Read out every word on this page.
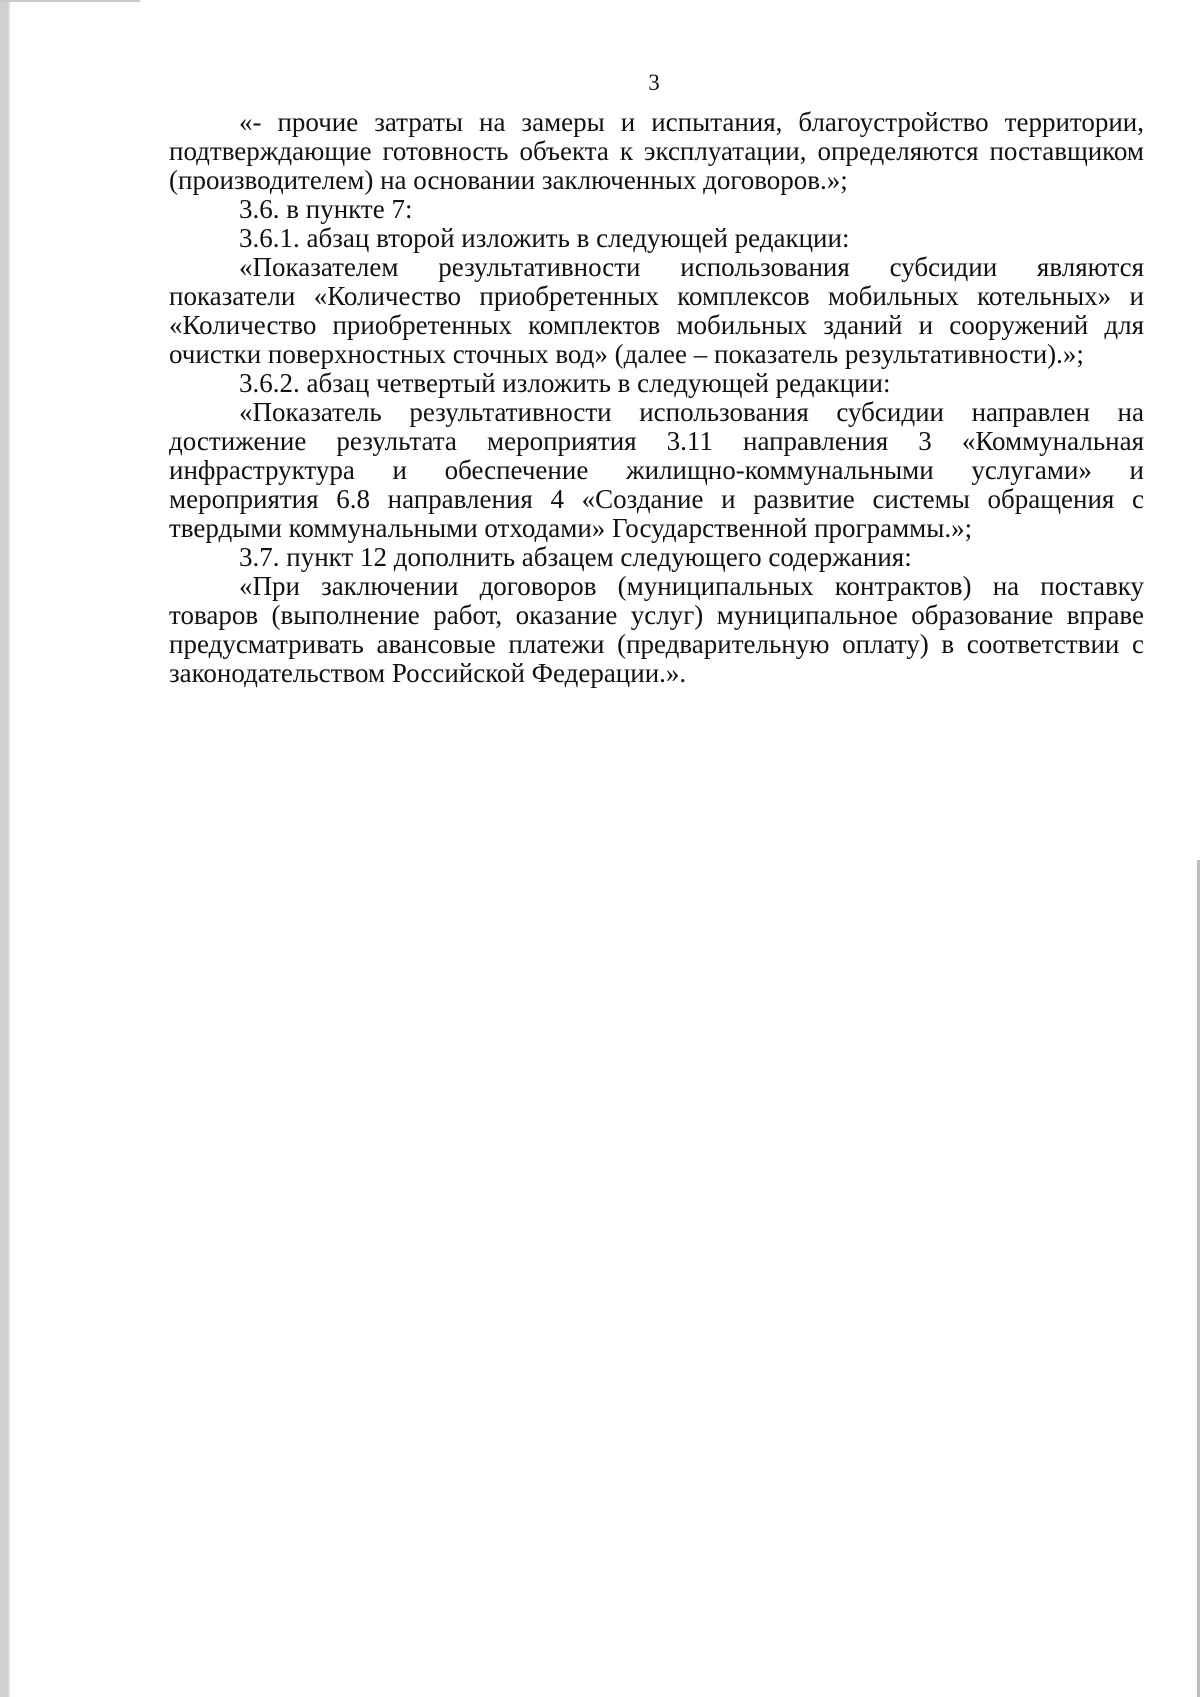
3

«- прочие затраты на замеры и испытания, благоустройство территории, подтверждающие готовность объекта к эксплуатации, определяются поставщиком (производителем) на основании заключенных договоров.»;

3.6. в пункте 7:

3.6.1. абзац второй изложить в следующей редакции:

«Показателем результативности использования субсидии являются показатели «Количество приобретенных комплексов мобильных котельных» и «Количество приобретенных комплектов мобильных зданий и сооружений для очистки поверхностных сточных вод» (далее – показатель результативности).»;

3.6.2. абзац четвертый изложить в следующей редакции:

«Показатель результативности использования субсидии направлен на достижение результата мероприятия 3.11 направления 3 «Коммунальная инфраструктура и обеспечение жилищно-коммунальными услугами» и мероприятия 6.8 направления 4 «Создание и развитие системы обращения с твердыми коммунальными отходами» Государственной программы.»;

3.7. пункт 12 дополнить абзацем следующего содержания:

«При заключении договоров (муниципальных контрактов) на поставку товаров (выполнение работ, оказание услуг) муниципальное образование вправе предусматривать авансовые платежи (предварительную оплату) в соответствии с законодательством Российской Федерации.».
